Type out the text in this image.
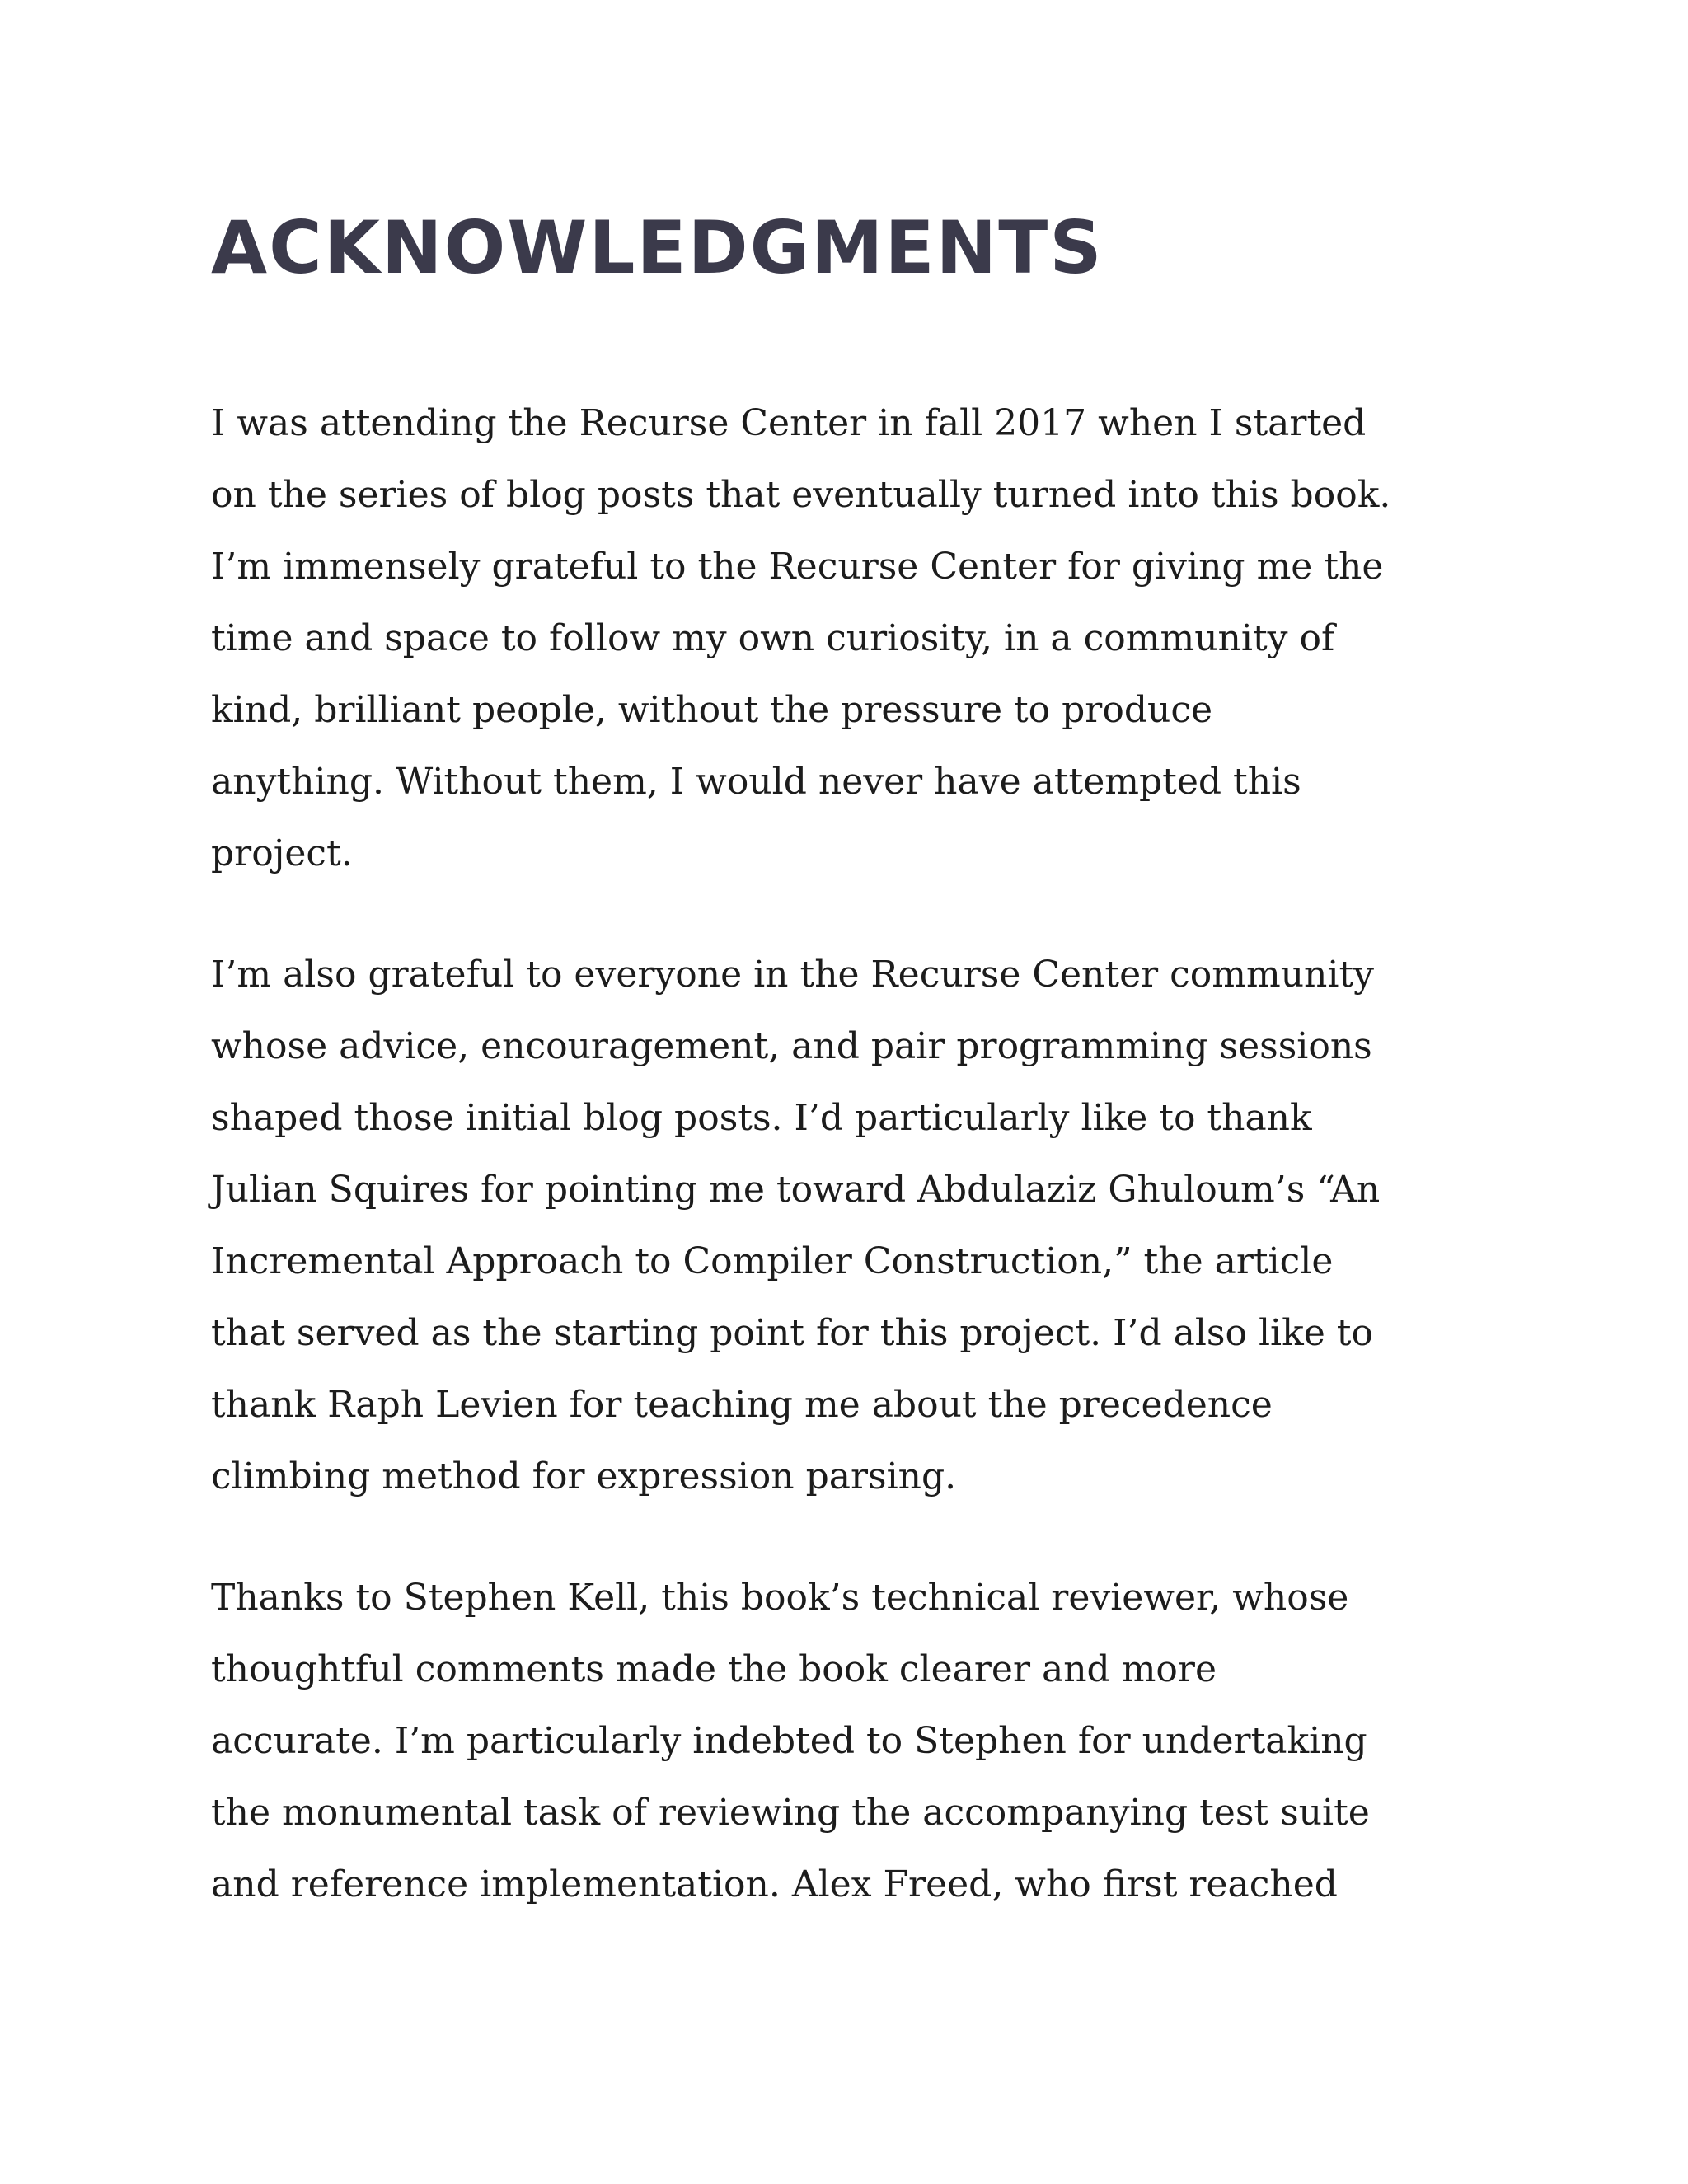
ACKNOWLEDGMENTS

I was attending the Recurse Center in fall 2017 when I started
on the series of blog posts that eventually turned into this book.
I’m immensely grateful to the Recurse Center for giving me the
time and space to follow my own curiosity, in a community of
kind, brilliant people, without the pressure to produce
anything. Without them, I would never have attempted this
project.

I’m also grateful to everyone in the Recurse Center community
whose advice, encouragement, and pair programming sessions
shaped those initial blog posts. I’d particularly like to thank
Julian Squires for pointing me toward Abdulaziz Ghuloum’s “An
Incremental Approach to Compiler Construction,” the article
that served as the starting point for this project. I’d also like to
thank Raph Levien for teaching me about the precedence
climbing method for expression parsing.

Thanks to Stephen Kell, this book’s technical reviewer, whose
thoughtful comments made the book clearer and more
accurate. I’m particularly indebted to Stephen for undertaking
the monumental task of reviewing the accompanying test suite
and reference implementation. Alex Freed, who first reached
